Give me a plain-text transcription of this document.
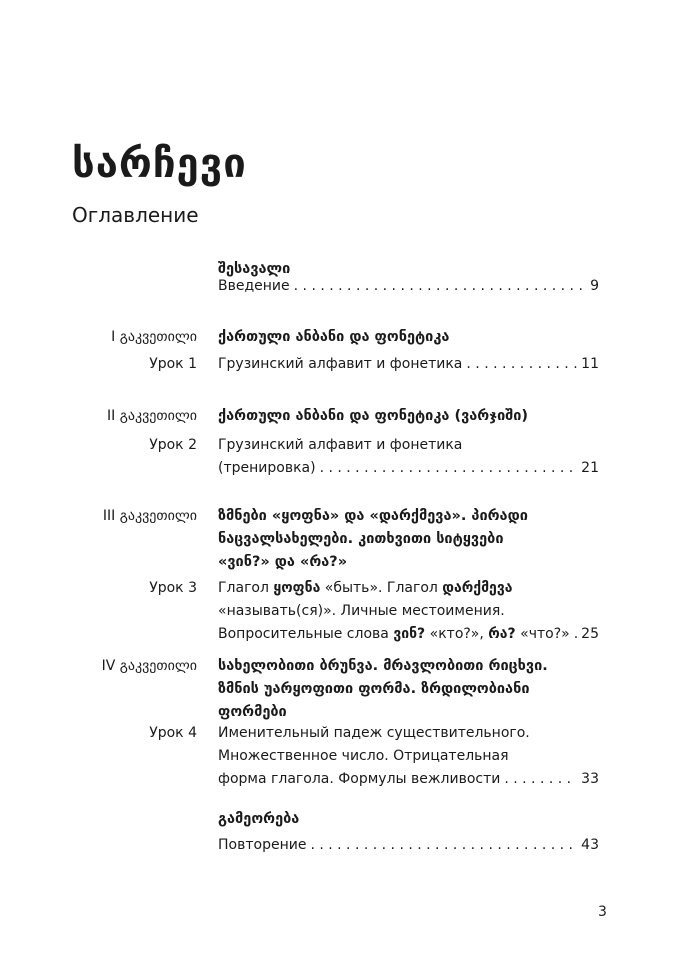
სარჩევი
Оглавление
შესავალი
Введение . . .	9
I გაკვეთილი ქართული ანბანი და ფონეტიკა
Урок 1 Грузинский алфавит и фонетика . . .	11
II გაკვეთილი ქართული ანბანი და ფონეტიკა (ვარჯიში)
Урок 2 Грузинский алфавит и фонетика
(тренировка) . . .	21
III გაკვეთილი ზმნები «ყოფნა» და «დარქმევა». პირადი
ნაცვალსახელები. კითხვითი სიტყვები
«ვინ?» და «რა?»
Урок 3 Глагол ყოფნა «быть». Глагол დარქმევა
«называть(ся)». Личные местоимения.
Вопросительные слова ვინ? «кто?», რა? «что?» . . . 25
IV გაკვეთილი სახელობითი ბრუნვა. მრავლობითი რიცხვი.
ზმნის უარყოფითი ფორმა. ზრდილობიანი
ფორმები
Урок 4 Именительный падеж существительного.
Множественное число. Отрицательная
форма глагола. Формулы вежливости . . .	33
გამეორება
Повторение . . .	43
3
